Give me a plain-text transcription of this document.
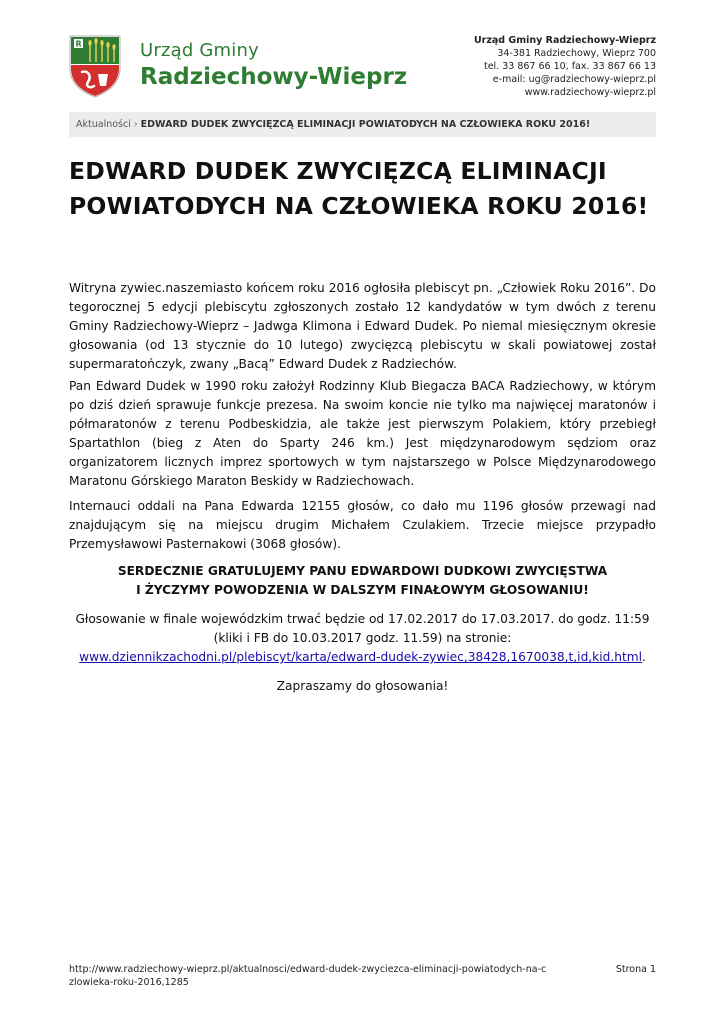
R	Urząd Gminy
Radziechowy-Wieprz
Urząd Gminy Radziechowy-Wieprz
34-381 Radziechowy, Wieprz 700
tel. 33 867 66 10, fax. 33 867 66 13
e-mail: ug@radziechowy-wieprz.pl
www.radziechowy-wieprz.pl
Aktualności › EDWARD DUDEK ZWYCIĘZCĄ ELIMINACJI POWIATODYCH NA CZŁOWIEKA ROKU 2016!
EDWARD DUDEK ZWYCIĘZCĄ ELIMINACJI POWIATODYCH NA CZŁOWIEKA ROKU 2016!

Witryna zywiec.naszemiasto końcem roku 2016 ogłosiła plebiscyt pn. „Człowiek Roku 2016”. Do tegorocznej 5 edycji plebiscytu zgłoszonych zostało 12 kandydatów w tym dwóch z terenu Gminy Radziechowy-Wieprz – Jadwga Klimona i Edward Dudek. Po niemal miesięcznym okresie głosowania (od 13 stycznie do 10 lutego) zwycięzcą plebiscytu w skali powiatowej został supermaratończyk, zwany „Bacą” Edward Dudek z Radziechów.

Pan Edward Dudek w 1990 roku założył Rodzinny Klub Biegacza BACA Radziechowy, w którym po dziś dzień sprawuje funkcje prezesa. Na swoim koncie nie tylko ma najwięcej maratonów i półmaratonów z terenu Podbeskidzia, ale także jest pierwszym Polakiem, który przebiegł Spartathlon (bieg z Aten do Sparty 246 km.) Jest międzynarodowym sędziom oraz organizatorem licznych imprez sportowych w tym najstarszego w Polsce Międzynarodowego Maratonu Górskiego Maraton Beskidy w Radziechowach.

Internauci oddali na Pana Edwarda 12155 głosów, co dało mu 1196 głosów przewagi nad znajdującym się na miejscu drugim Michałem Czulakiem. Trzecie miejsce przypadło Przemysławowi Pasternakowi (3068 głosów).

SERDECZNIE GRATULUJEMY PANU EDWARDOWI DUDKOWI ZWYCIĘSTWA
I ŻYCZYMY POWODZENIA W DALSZYM FINAŁOWYM GŁOSOWANIU!
Głosowanie w finale wojewódzkim trwać będzie od 17.02.2017 do 17.03.2017. do godz. 11:59
(kliki i FB do 10.03.2017 godz. 11.59) na stronie:
www.dziennikzachodni.pl/plebiscyt/karta/edward-dudek-zywiec,38428,1670038,t,id,kid.html.
Zapraszamy do głosowania!
http://www.radziechowy-wieprz.pl/aktualnosci/edward-dudek-zwyciezca-eliminacji-powiatodych-na-czlowieka-roku-2016,1285
Strona 1
